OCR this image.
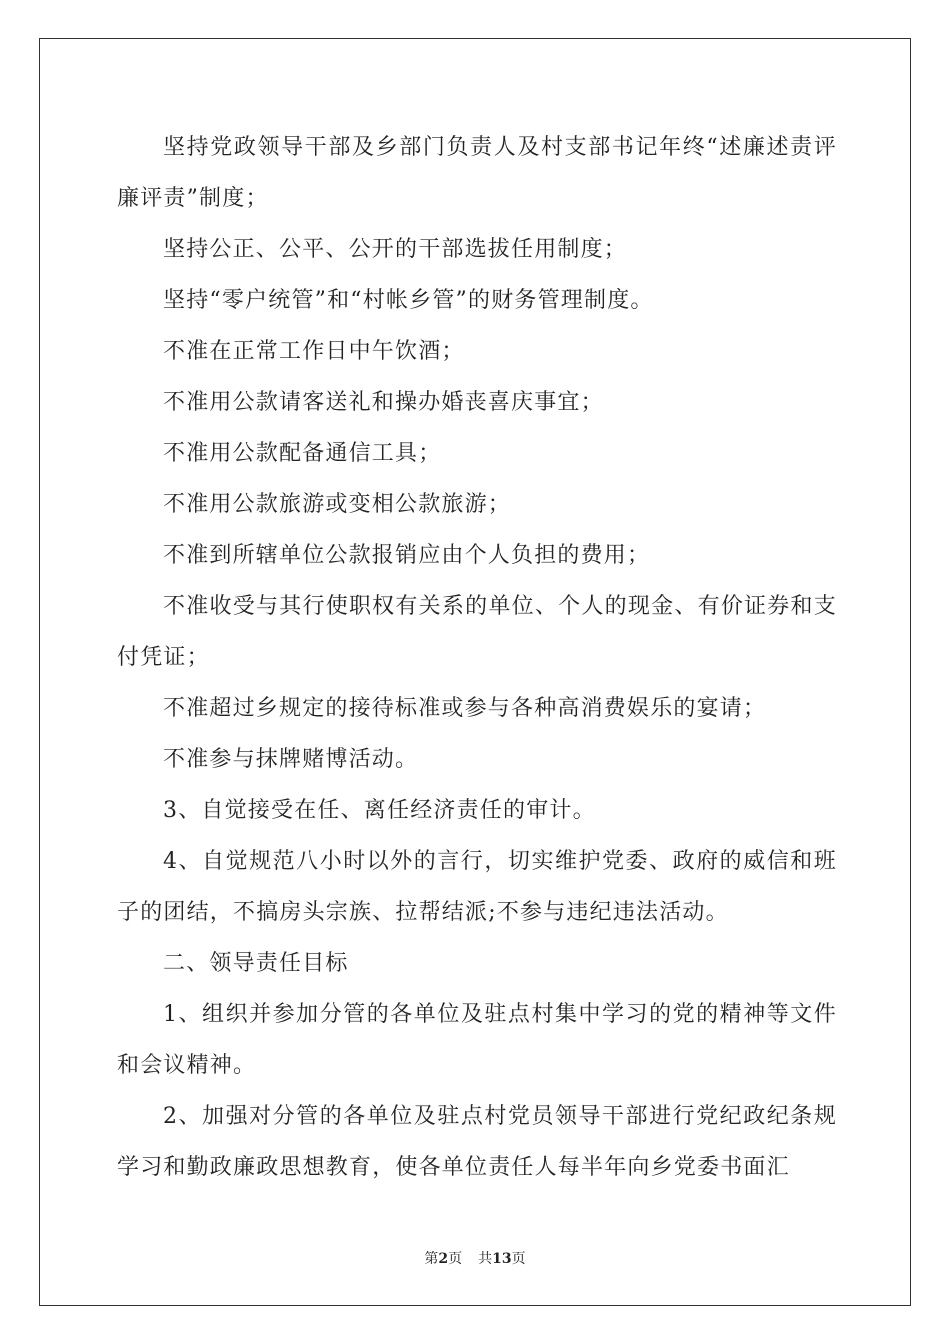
坚持党政领导干部及乡部门负责人及村支部书记年终“述廉述责评廉评责”制度；

坚持公正、公平、公开的干部选拔任用制度；

坚持“零户统管”和“村帐乡管”的财务管理制度。

不准在正常工作日中午饮酒；

不准用公款请客送礼和操办婚丧喜庆事宜；

不准用公款配备通信工具；

不准用公款旅游或变相公款旅游；

不准到所辖单位公款报销应由个人负担的费用；

不准收受与其行使职权有关系的单位、个人的现金、有价证券和支付凭证；

不准超过乡规定的接待标准或参与各种高消费娱乐的宴请；

不准参与抹牌赌博活动。

3、自觉接受在任、离任经济责任的审计。

4、自觉规范八小时以外的言行，切实维护党委、政府的威信和班子的团结，不搞房头宗族、拉帮结派;不参与违纪违法活动。

二、领导责任目标

1、组织并参加分管的各单位及驻点村集中学习的党的精神等文件和会议精神。

2、加强对分管的各单位及驻点村党员领导干部进行党纪政纪条规学习和勤政廉政思想教育，使各单位责任人每半年向乡党委书面汇

第2页 共13页
